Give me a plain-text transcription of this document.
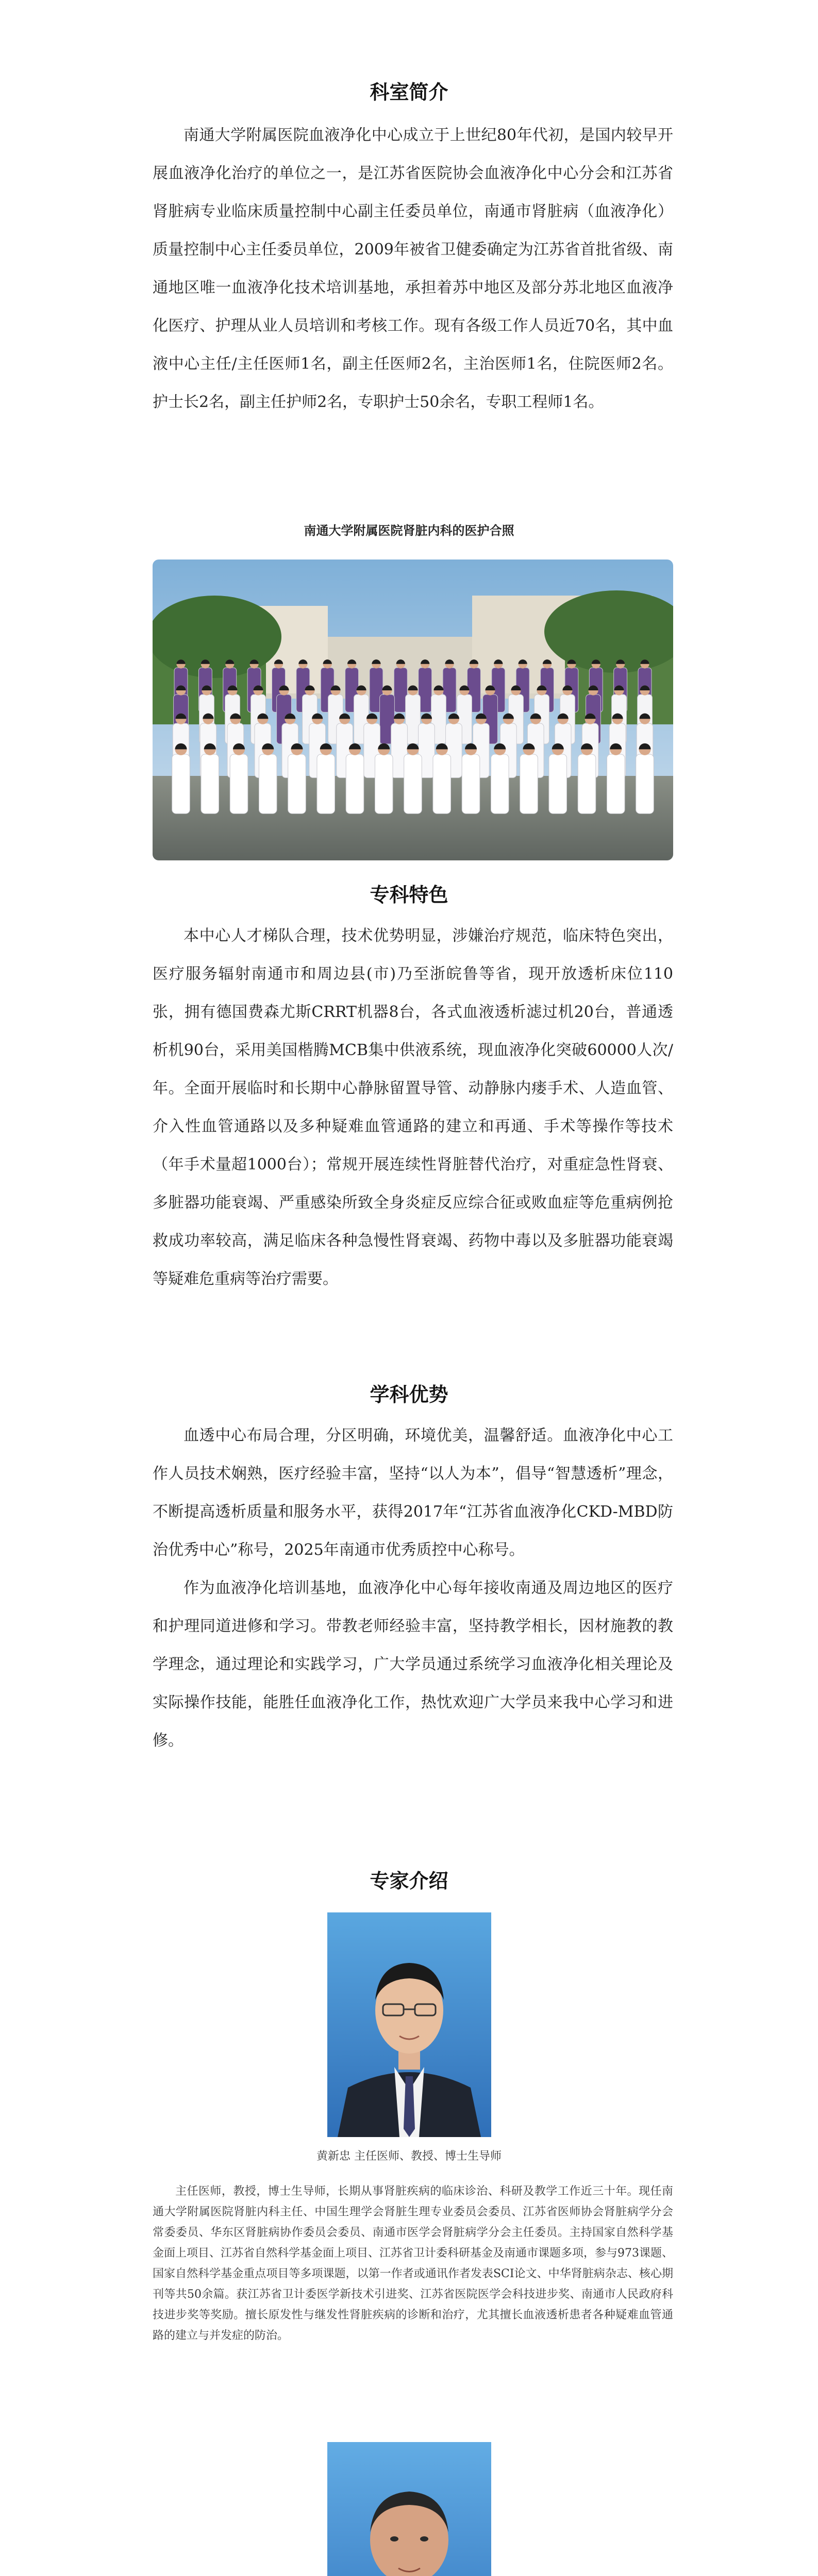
科室简介

南通大学附属医院血液净化中心成立于上世纪80年代初，是国内较早开展血液净化治疗的单位之一，是江苏省医院协会血液净化中心分会和江苏省肾脏病专业临床质量控制中心副主任委员单位，南通市肾脏病（血液净化）质量控制中心主任委员单位，2009年被省卫健委确定为江苏省首批省级、南通地区唯一血液净化技术培训基地，承担着苏中地区及部分苏北地区血液净化医疗、护理从业人员培训和考核工作。现有各级工作人员近70名，其中血液中心主任/主任医师1名，副主任医师2名，主治医师1名，住院医师2名。护士长2名，副主任护师2名，专职护士50余名，专职工程师1名。

南通大学附属医院肾脏内科的医护合照
专科特色

本中心人才梯队合理，技术优势明显，涉嫌治疗规范，临床特色突出，医疗服务辐射南通市和周边县(市)乃至浙皖鲁等省，现开放透析床位110张，拥有德国费森尤斯CRRT机器8台，各式血液透析滤过机20台，普通透析机90台，采用美国楷腾MCB集中供液系统，现血液净化突破60000人次/年。全面开展临时和长期中心静脉留置导管、动静脉内瘘手术、人造血管、介入性血管通路以及多种疑难血管通路的建立和再通、手术等操作等技术（年手术量超1000台）；常规开展连续性肾脏替代治疗，对重症急性肾衰、多脏器功能衰竭、严重感染所致全身炎症反应综合征或败血症等危重病例抢救成功率较高，满足临床各种急慢性肾衰竭、药物中毒以及多脏器功能衰竭等疑难危重病等治疗需要。

学科优势

血透中心布局合理，分区明确，环境优美，温馨舒适。血液净化中心工作人员技术娴熟，医疗经验丰富，坚持“以人为本”，倡导“智慧透析”理念，不断提高透析质量和服务水平，获得2017年“江苏省血液净化CKD-MBD防治优秀中心”称号，2025年南通市优秀质控中心称号。

作为血液净化培训基地，血液净化中心每年接收南通及周边地区的医疗和护理同道进修和学习。带教老师经验丰富，坚持教学相长，因材施教的教学理念，通过理论和实践学习，广大学员通过系统学习血液净化相关理论及实际操作技能，能胜任血液净化工作，热忱欢迎广大学员来我中心学习和进修。

专家介绍
黄新忠 主任医师、教授、博士生导师
主任医师，教授，博士生导师，长期从事肾脏疾病的临床诊治、科研及教学工作近三十年。现任南通大学附属医院肾脏内科主任、中国生理学会肾脏生理专业委员会委员、江苏省医师协会肾脏病学分会常委委员、华东区肾脏病协作委员会委员、南通市医学会肾脏病学分会主任委员。主持国家自然科学基金面上项目、江苏省自然科学基金面上项目、江苏省卫计委科研基金及南通市课题多项，参与973课题、国家自然科学基金重点项目等多项课题，以第一作者或通讯作者发表SCI论文、中华肾脏病杂志、核心期刊等共50余篇。获江苏省卫计委医学新技术引进奖、江苏省医院医学会科技进步奖、南通市人民政府科技进步奖等奖励。擅长原发性与继发性肾脏疾病的诊断和治疗，尤其擅长血液透析患者各种疑难血管通路的建立与并发症的防治。
